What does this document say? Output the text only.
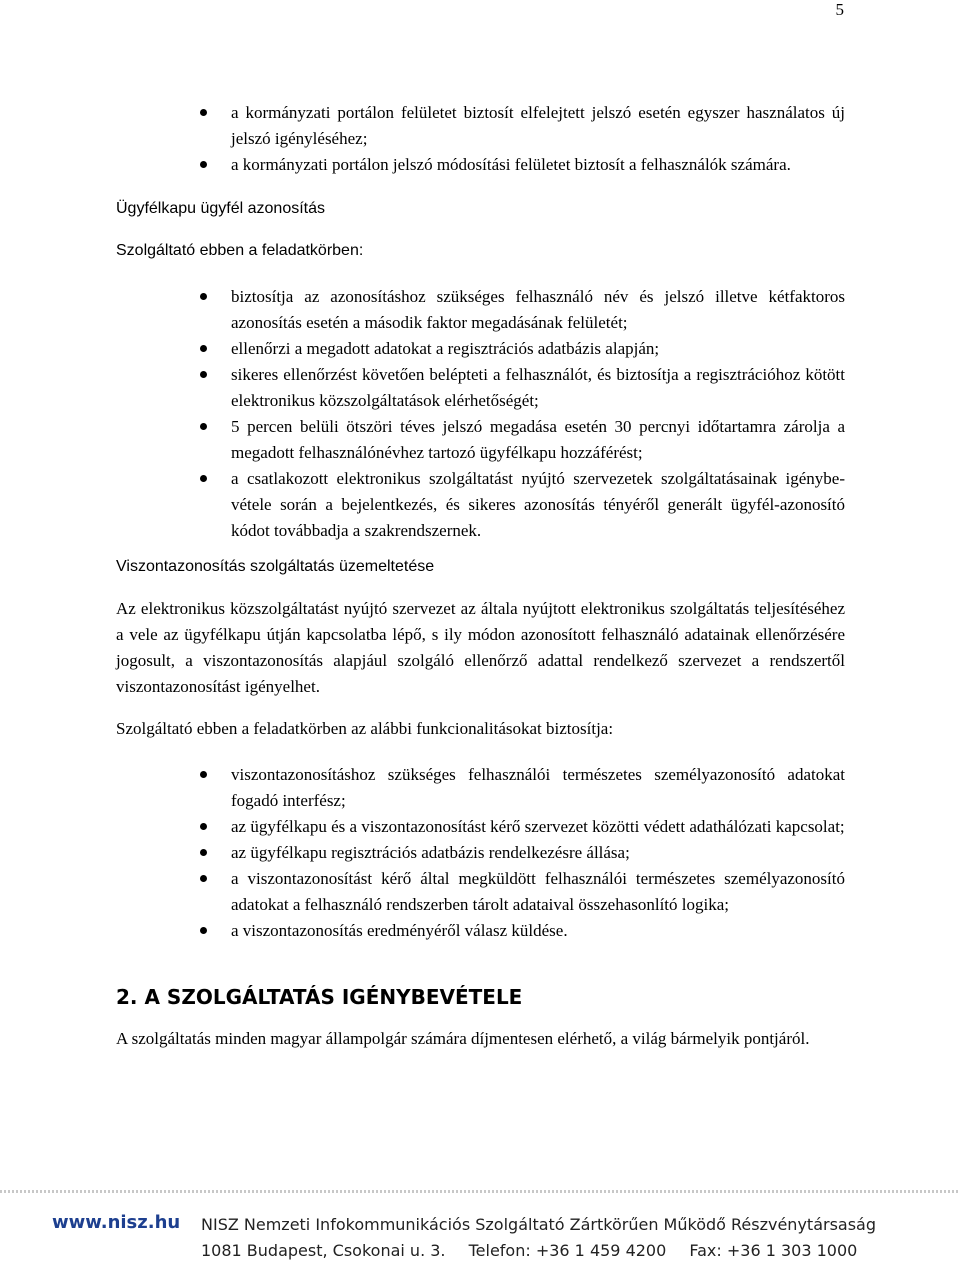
5
a kormányzati portálon felületet biztosít elfelejtett jelszó esetén egyszer használatos új jelszó igényléséhez;
a kormányzati portálon jelszó módosítási felületet biztosít a felhasználók számára.
Ügyfélkapu ügyfél azonosítás
Szolgáltató ebben a feladatkörben:
biztosítja az azonosításhoz szükséges felhasználó név és jelszó illetve kétfaktoros azonosítás esetén a második faktor megadásának felületét;
ellenőrzi a megadott adatokat a regisztrációs adatbázis alapján;
sikeres ellenőrzést követően belépteti a felhasználót, és biztosítja a regisztrációhoz kötött elektronikus közszolgáltatások elérhetőségét;
5 percen belüli ötszöri téves jelszó megadása esetén 30 percnyi időtartamra zárolja a megadott felhasználónévhez tartozó ügyfélkapu hozzáférést;
a csatlakozott elektronikus szolgáltatást nyújtó szervezetek szolgáltatásainak igénybe-vétele során a bejelentkezés, és sikeres azonosítás tényéről generált ügyfél-azonosító kódot továbbadja a szakrendszernek.
Viszontazonosítás szolgáltatás üzemeltetése

Az elektronikus közszolgáltatást nyújtó szervezet az általa nyújtott elektronikus szolgáltatás teljesítéséhez a vele az ügyfélkapu útján kapcsolatba lépő, s ily módon azonosított felhasználó adatainak ellenőrzésére jogosult, a viszontazonosítás alapjául szolgáló ellenőrző adattal rendelkező szervezet a rendszertől viszontazonosítást igényelhet.

Szolgáltató ebben a feladatkörben az alábbi funkcionalitásokat biztosítja:

viszontazonosításhoz szükséges felhasználói természetes személyazonosító adatokat fogadó interfész;
az ügyfélkapu és a viszontazonosítást kérő szervezet közötti védett adathálózati kapcsolat;
az ügyfélkapu regisztrációs adatbázis rendelkezésre állása;
a viszontazonosítást kérő által megküldött felhasználói természetes személyazonosító adatokat a felhasználó rendszerben tárolt adataival összehasonlító logika;
a viszontazonosítás eredményéről válasz küldése.
2. A SZOLGÁLTATÁS IGÉNYBEVÉTELE

A szolgáltatás minden magyar állampolgár számára díjmentesen elérhető, a világ bármelyik pontjáról.

www.nisz.hu NISZ Nemzeti Infokommunikációs Szolgáltató Zártkörűen Működő Részvénytársaság
1081 Budapest, Csokonai u. 3. Telefon: +36 1 459 4200 Fax: +36 1 303 1000
